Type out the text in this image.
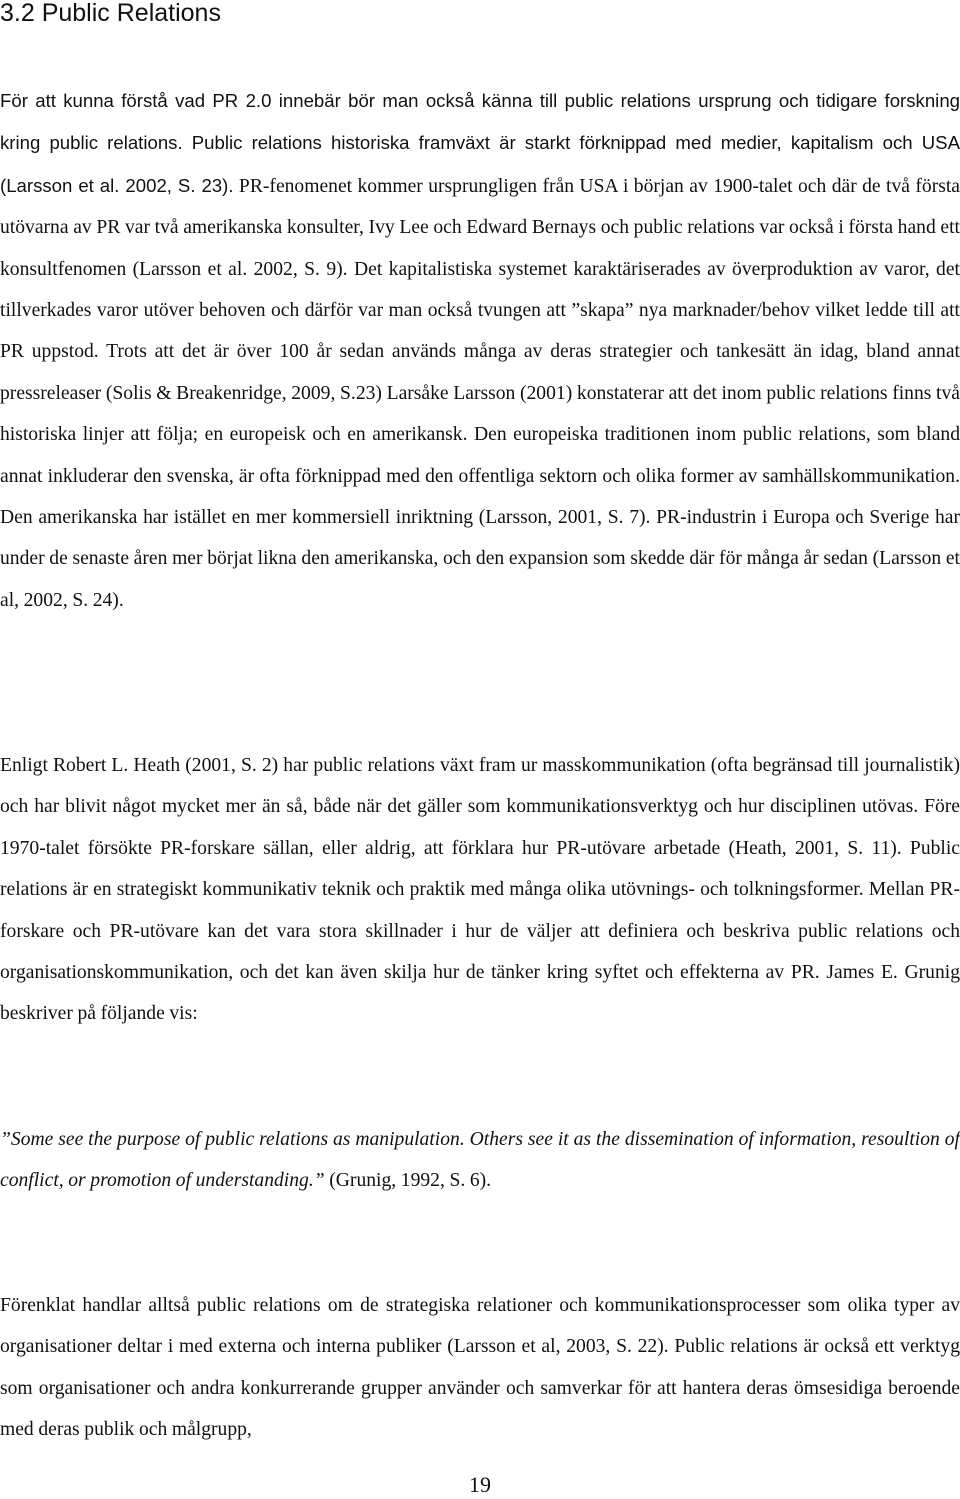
3.2 Public Relations

För att kunna förstå vad PR 2.0 innebär bör man också känna till public relations ursprung och tidigare forskning kring public relations. Public relations historiska framväxt är starkt förknippad med medier, kapitalism och USA (Larsson et al. 2002, S. 23). PR-fenomenet kommer ursprungligen från USA i början av 1900-talet och där de två första utövarna av PR var två amerikanska konsulter, Ivy Lee och Edward Bernays och public relations var också i första hand ett konsultfenomen (Larsson et al. 2002, S. 9). Det kapitalistiska systemet karaktäriserades av överproduktion av varor, det tillverkades varor utöver behoven och därför var man också tvungen att ”skapa” nya marknader/behov vilket ledde till att PR uppstod. Trots att det är över 100 år sedan används många av deras strategier och tankesätt än idag, bland annat pressreleaser (Solis & Breakenridge, 2009, S.23) Larsåke Larsson (2001) konstaterar att det inom public relations finns två historiska linjer att följa; en europeisk och en amerikansk. Den europeiska traditionen inom public relations, som bland annat inkluderar den svenska, är ofta förknippad med den offentliga sektorn och olika former av samhällskommunikation. Den amerikanska har istället en mer kommersiell inriktning (Larsson, 2001, S. 7). PR-industrin i Europa och Sverige har under de senaste åren mer börjat likna den amerikanska, och den expansion som skedde där för många år sedan (Larsson et al, 2002, S. 24).

Enligt Robert L. Heath (2001, S. 2) har public relations växt fram ur masskommunikation (ofta begränsad till journalistik) och har blivit något mycket mer än så, både när det gäller som kommunikationsverktyg och hur disciplinen utövas. Före 1970-talet försökte PR-forskare sällan, eller aldrig, att förklara hur PR-utövare arbetade (Heath, 2001, S. 11). Public relations är en strategiskt kommunikativ teknik och praktik med många olika utövnings- och tolkningsformer. Mellan PR- forskare och PR-utövare kan det vara stora skillnader i hur de väljer att definiera och beskriva public relations och organisationskommunikation, och det kan även skilja hur de tänker kring syftet och effekterna av PR. James E. Grunig beskriver på följande vis:

”Some see the purpose of public relations as manipulation. Others see it as the dissemination of information, resoultion of conflict, or promotion of understanding.” (Grunig, 1992, S. 6).

Förenklat handlar alltså public relations om de strategiska relationer och kommunikationsprocesser som olika typer av organisationer deltar i med externa och interna publiker (Larsson et al, 2003, S. 22). Public relations är också ett verktyg som organisationer och andra konkurrerande grupper använder och samverkar för att hantera deras ömsesidiga beroende med deras publik och målgrupp,

19
